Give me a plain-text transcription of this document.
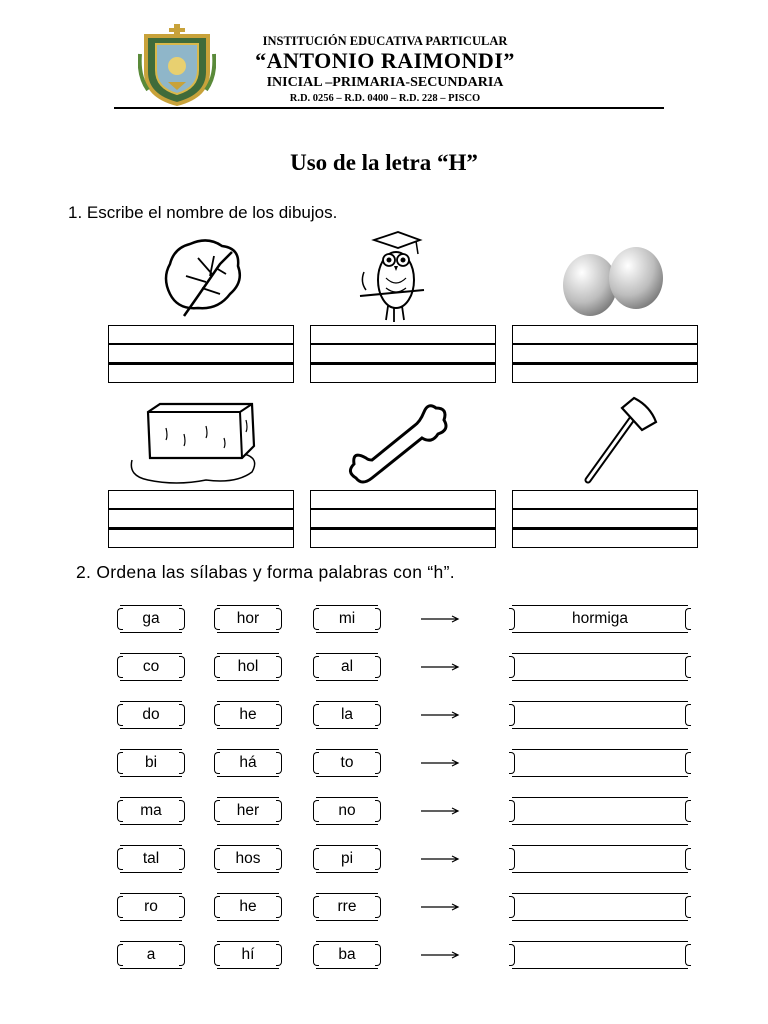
INSTITUCIÓN EDUCATIVA PARTICULAR
“ANTONIO RAIMONDI”
INICIAL –PRIMARIA-SECUNDARIA
R.D. 0256 – R.D. 0400 – R.D. 228 – PISCO
Uso de la letra “H”
1. Escribe el nombre de los dibujos.
2. Ordena las sílabas y forma palabras con “h”.
ga	hor	mi	hormiga
co	hol	al
do	he	la
bi	há	to
ma	her	no
tal	hos	pi
ro	he	rre
a	hí	ba
